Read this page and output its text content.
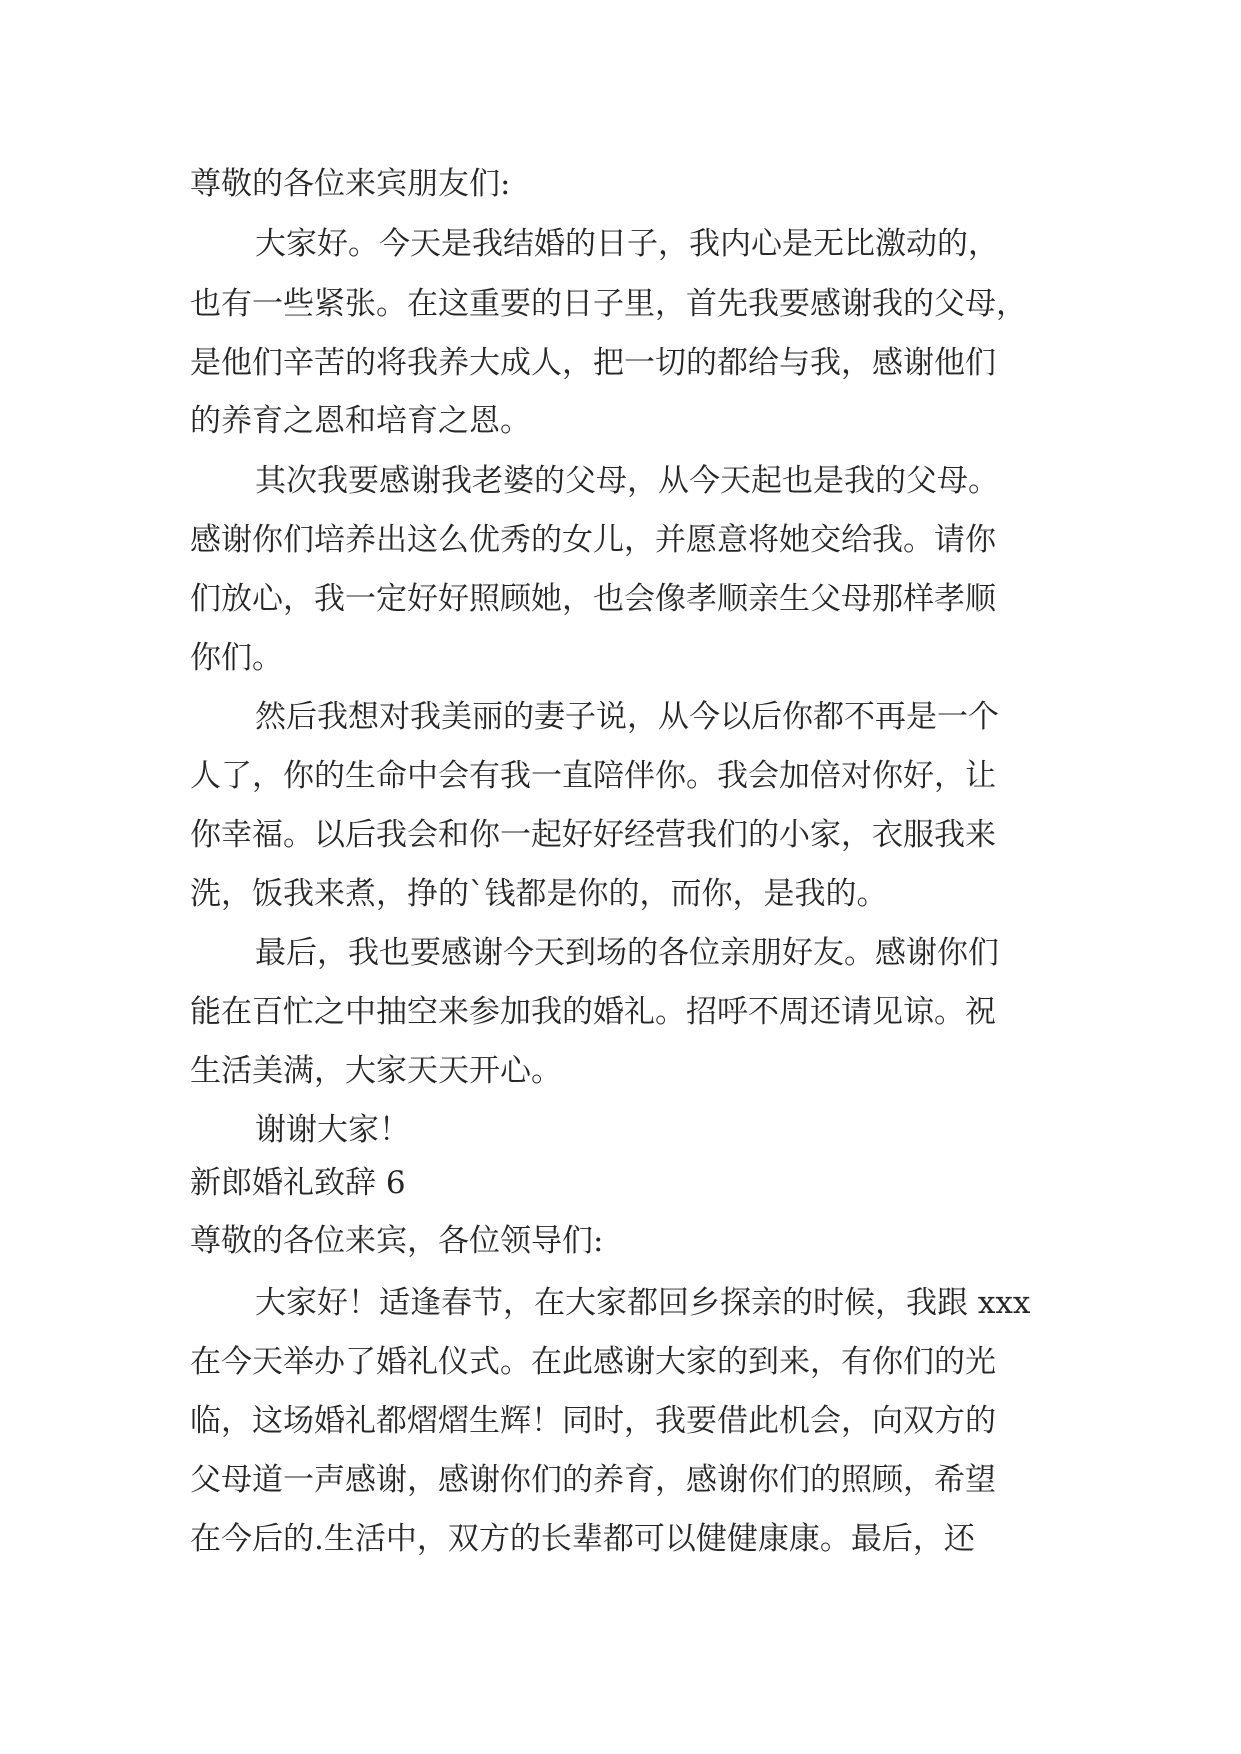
尊敬的各位来宾朋友们:

大家好。今天是我结婚的日子，我内心是无比激动的，

也有一些紧张。在这重要的日子里，首先我要感谢我的父母，

是他们辛苦的将我养大成人，把一切的都给与我，感谢他们

的养育之恩和培育之恩。

其次我要感谢我老婆的父母，从今天起也是我的父母。

感谢你们培养出这么优秀的女儿，并愿意将她交给我。请你

们放心，我一定好好照顾她，也会像孝顺亲生父母那样孝顺

你们。

然后我想对我美丽的妻子说，从今以后你都不再是一个

人了，你的生命中会有我一直陪伴你。我会加倍对你好，让

你幸福。以后我会和你一起好好经营我们的小家，衣服我来

洗，饭我来煮，挣的`钱都是你的，而你，是我的。

最后，我也要感谢今天到场的各位亲朋好友。感谢你们

能在百忙之中抽空来参加我的婚礼。招呼不周还请见谅。祝

生活美满，大家天天开心。

谢谢大家！

新郎婚礼致辞 6

尊敬的各位来宾，各位领导们:

大家好！适逢春节，在大家都回乡探亲的时候，我跟 xxx

在今天举办了婚礼仪式。在此感谢大家的到来，有你们的光

临，这场婚礼都熠熠生辉！同时，我要借此机会，向双方的

父母道一声感谢，感谢你们的养育，感谢你们的照顾，希望

在今后的.生活中，双方的长辈都可以健健康康。最后，还
